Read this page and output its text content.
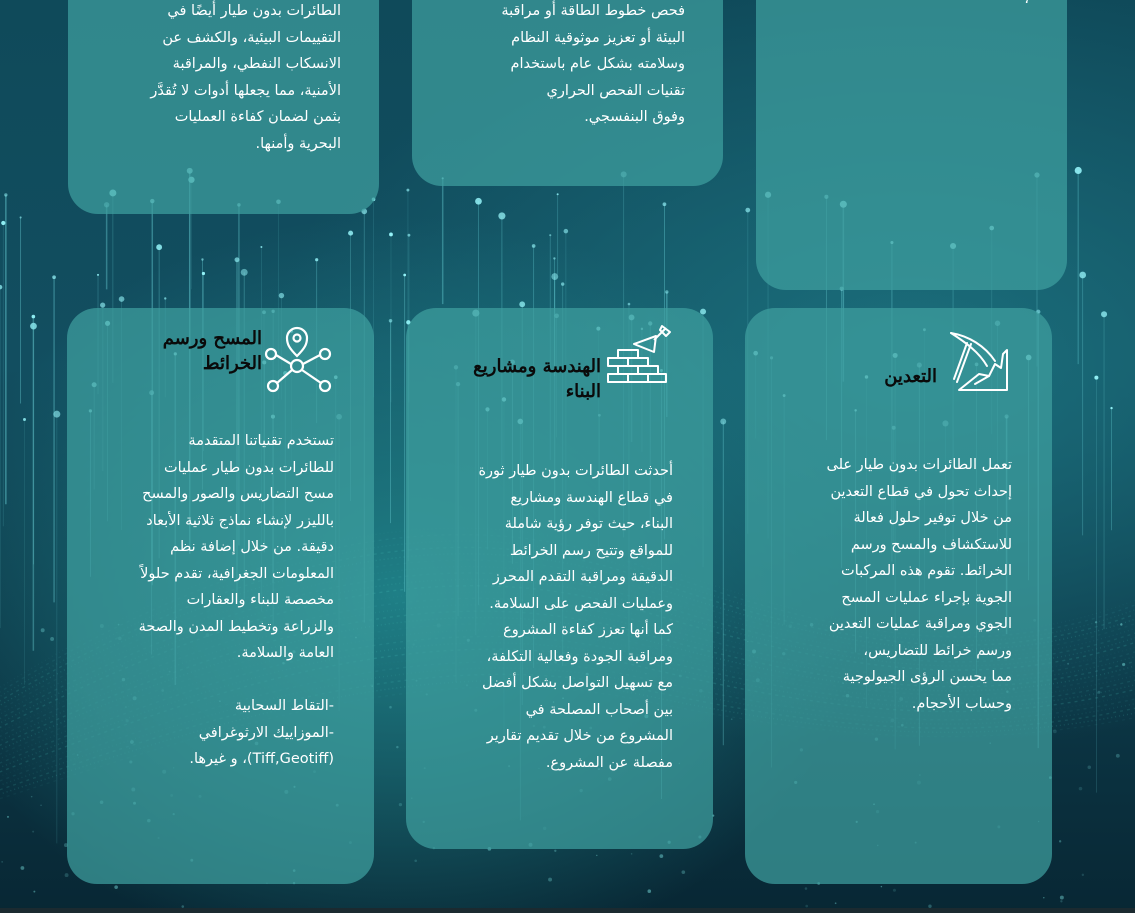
الطائرات بدون طيار أيضًا في
التقييمات البيئية، والكشف عن
الانسكاب النفطي، والمراقبة
الأمنية، مما يجعلها أدوات لا تُقدَّر
بثمن لضمان كفاءة العمليات
البحرية وأمنها.
فحص خطوط الطاقة أو مراقبة
البيئة أو تعزيز موثوقية النظام
وسلامته بشكل عام باستخدام
تقنيات الفحص الحراري
وفوق البنفسجي.
التعدين
تعمل الطائرات بدون طيار على
إحداث تحول في قطاع التعدين
من خلال توفير حلول فعالة
للاستكشاف والمسح ورسم
الخرائط. تقوم هذه المركبات
الجوية بإجراء عمليات المسح
الجوي ومراقبة عمليات التعدين
ورسم خرائط للتضاريس،
مما يحسن الرؤى الجيولوجية
وحساب الأحجام.
الهندسة ومشاريع
البناء
أحدثت الطائرات بدون طيار ثورة
في قطاع الهندسة ومشاريع
البناء، حيث توفر رؤية شاملة
للمواقع وتتيح رسم الخرائط
الدقيقة ومراقبة التقدم المحرز
وعمليات الفحص على السلامة.
كما أنها تعزز كفاءة المشروع
ومراقبة الجودة وفعالية التكلفة،
مع تسهيل التواصل بشكل أفضل
بين أصحاب المصلحة في
المشروع من خلال تقديم تقارير
مفصلة عن المشروع.
المسح ورسم
الخرائط
تستخدم تقنياتنا المتقدمة
للطائرات بدون طيار عمليات
مسح التضاريس والصور والمسح
بالليزر لإنشاء نماذج ثلاثية الأبعاد
دقيقة. من خلال إضافة نظم
المعلومات الجغرافية، تقدم حلولاً
مخصصة للبناء والعقارات
والزراعة وتخطيط المدن والصحة
العامة والسلامة.

-التقاط السحابية
-الموزاييك الارثوغرافي
(Tiff,Geotiff)، و غيرها.
